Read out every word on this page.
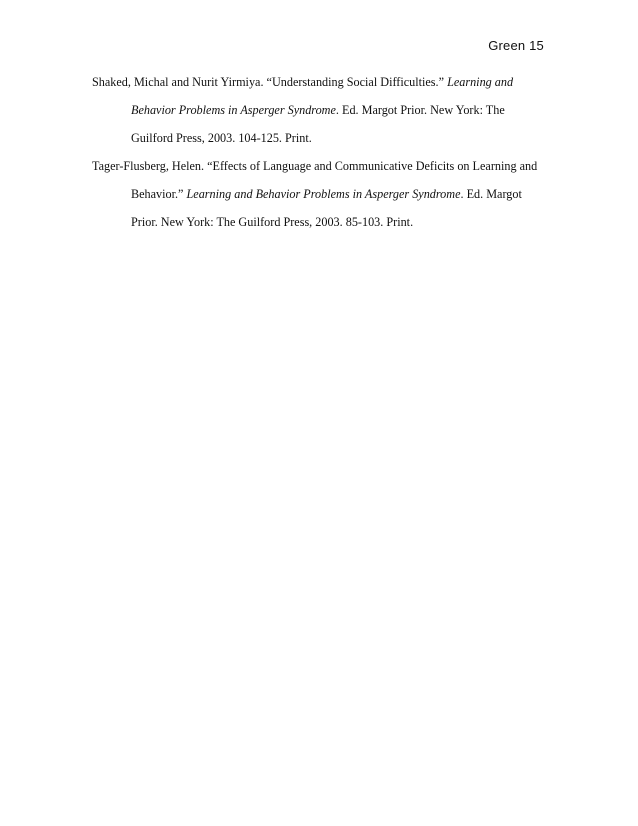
Green 15

Shaked, Michal and Nurit Yirmiya. “Understanding Social Difficulties.” Learning and Behavior Problems in Asperger Syndrome. Ed. Margot Prior. New York: The Guilford Press, 2003. 104-125. Print.

Tager-Flusberg, Helen. “Effects of Language and Communicative Deficits on Learning and Behavior.” Learning and Behavior Problems in Asperger Syndrome. Ed. Margot Prior. New York: The Guilford Press, 2003. 85-103. Print.
